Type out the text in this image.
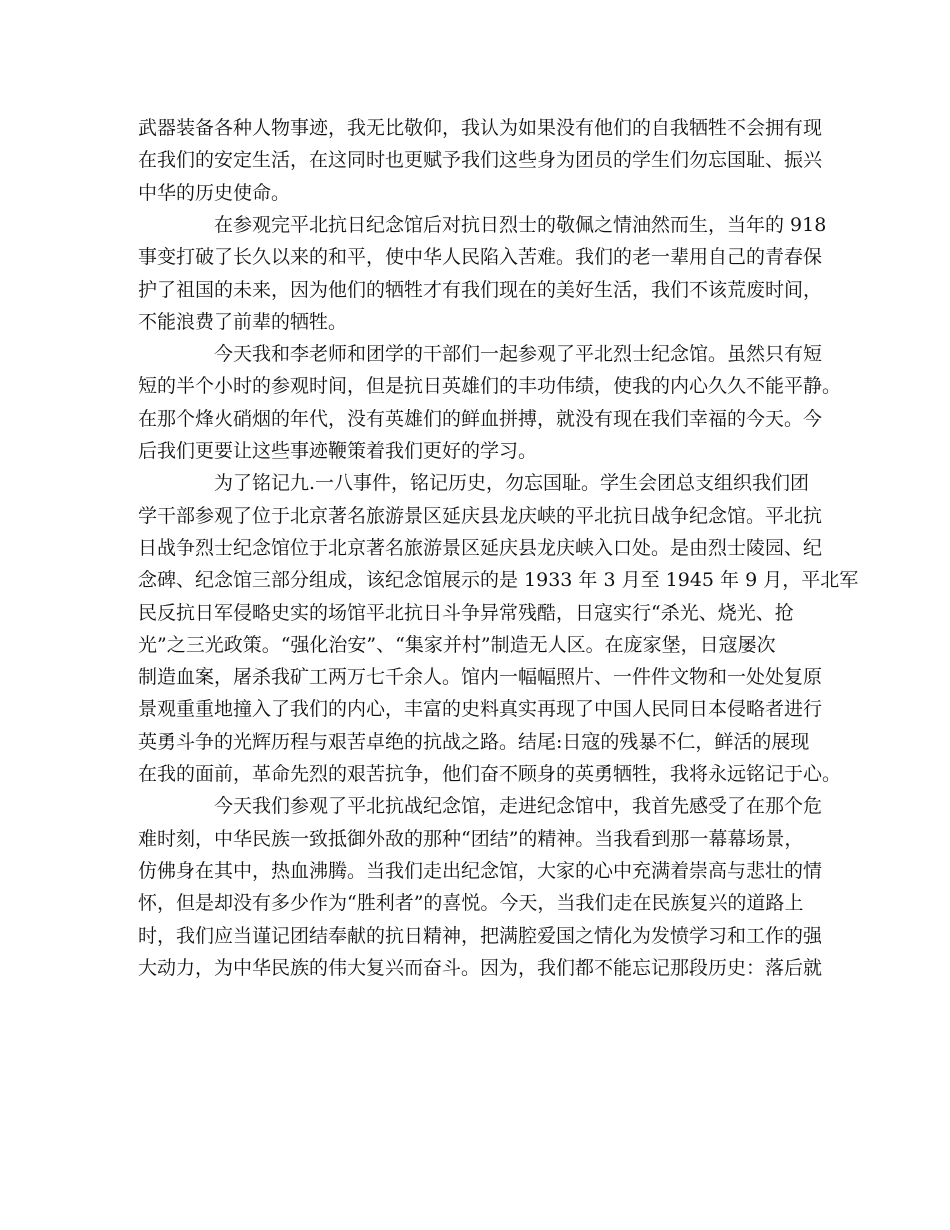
武器装备各种人物事迹，我无比敬仰，我认为如果没有他们的自我牺牲不会拥有现
在我们的安定生活，在这同时也更赋予我们这些身为团员的学生们勿忘国耻、振兴
中华的历史使命。
在参观完平北抗日纪念馆后对抗日烈士的敬佩之情油然而生，当年的 918
事变打破了长久以来的和平，使中华人民陷入苦难。我们的老一辈用自己的青春保
护了祖国的未来，因为他们的牺牲才有我们现在的美好生活，我们不该荒废时间，
不能浪费了前辈的牺牲。
今天我和李老师和团学的干部们一起参观了平北烈士纪念馆。虽然只有短
短的半个小时的参观时间，但是抗日英雄们的丰功伟绩，使我的内心久久不能平静。
在那个烽火硝烟的年代，没有英雄们的鲜血拼搏，就没有现在我们幸福的今天。今
后我们更要让这些事迹鞭策着我们更好的学习。
为了铭记九.一八事件，铭记历史，勿忘国耻。学生会团总支组织我们团
学干部参观了位于北京著名旅游景区延庆县龙庆峡的平北抗日战争纪念馆。平北抗
日战争烈士纪念馆位于北京著名旅游景区延庆县龙庆峡入口处。是由烈士陵园、纪
念碑、纪念馆三部分组成，该纪念馆展示的是 1933 年 3 月至 1945 年 9 月，平北军
民反抗日军侵略史实的场馆平北抗日斗争异常残酷，日寇实行“杀光、烧光、抢
光”之三光政策。“强化治安”、“集家并村”制造无人区。在庞家堡，日寇屡次
制造血案，屠杀我矿工两万七千余人。馆内一幅幅照片、一件件文物和一处处复原
景观重重地撞入了我们的内心，丰富的史料真实再现了中国人民同日本侵略者进行
英勇斗争的光辉历程与艰苦卓绝的抗战之路。结尾:日寇的残暴不仁，鲜活的展现
在我的面前，革命先烈的艰苦抗争，他们奋不顾身的英勇牺牲，我将永远铭记于心。
今天我们参观了平北抗战纪念馆，走进纪念馆中，我首先感受了在那个危
难时刻，中华民族一致抵御外敌的那种“团结”的精神。当我看到那一幕幕场景，
仿佛身在其中，热血沸腾。当我们走出纪念馆，大家的心中充满着崇高与悲壮的情
怀，但是却没有多少作为“胜利者”的喜悦。今天，当我们走在民族复兴的道路上
时，我们应当谨记团结奉献的抗日精神，把满腔爱国之情化为发愤学习和工作的强
大动力，为中华民族的伟大复兴而奋斗。因为，我们都不能忘记那段历史：落后就
